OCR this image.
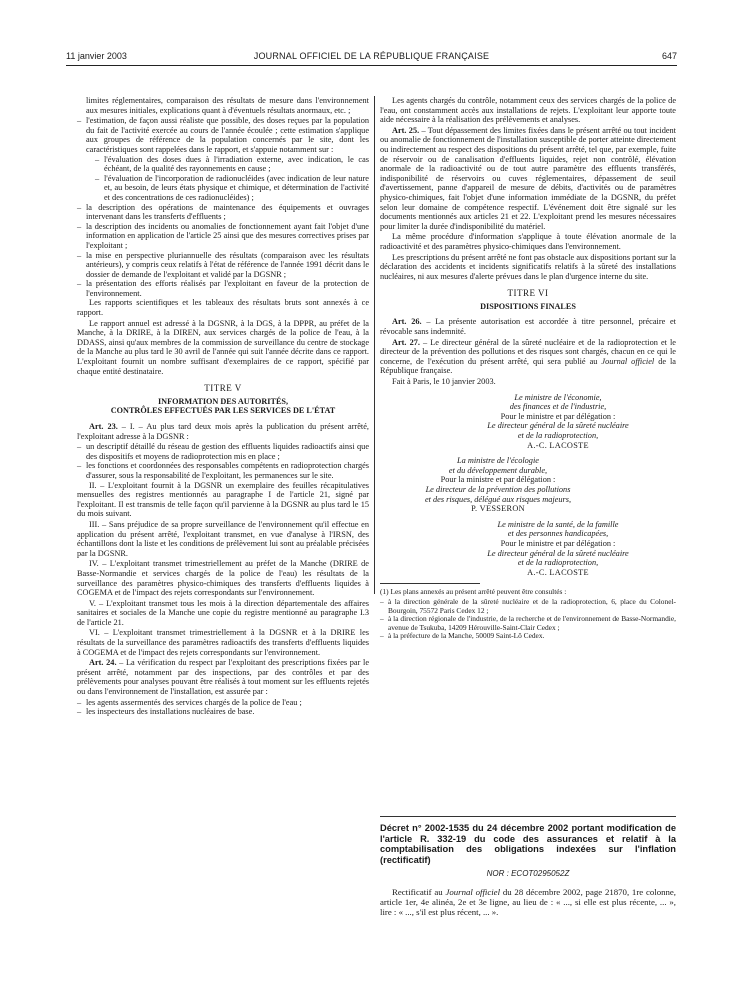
11 janvier 2003	JOURNAL OFFICIEL DE LA RÉPUBLIQUE FRANÇAISE	647

limites réglementaires, comparaison des résultats de mesure dans l'environnement aux mesures initiales, explications quant à d'éventuels résultats anormaux, etc. ;

– l'estimation, de façon aussi réaliste que possible, des doses reçues par la population du fait de l'activité exercée au cours de l'année écoulée ; cette estimation s'applique aux groupes de référence de la population concernés par le site, dont les caractéristiques sont rappelées dans le rapport, et s'appuie notamment sur :
– l'évaluation des doses dues à l'irradiation externe, avec indication, le cas échéant, de la qualité des rayonnements en cause ;
– l'évaluation de l'incorporation de radionucléides (avec indication de leur nature et, au besoin, de leurs états physique et chimique, et détermination de l'activité et des concentrations de ces radionucléides) ;
– la description des opérations de maintenance des équipements et ouvrages intervenant dans les transferts d'effluents ;
– la description des incidents ou anomalies de fonctionnement ayant fait l'objet d'une information en application de l'article 25 ainsi que des mesures correctives prises par l'exploitant ;
– la mise en perspective pluriannuelle des résultats (comparaison avec les résultats antérieurs), y compris ceux relatifs à l'état de référence de l'année 1991 décrit dans le dossier de demande de l'exploitant et validé par la DGSNR ;
– la présentation des efforts réalisés par l'exploitant en faveur de la protection de l'environnement.

Les rapports scientifiques et les tableaux des résultats bruts sont annexés à ce rapport.

Le rapport annuel est adressé à la DGSNR, à la DGS, à la DPPR, au préfet de la Manche, à la DRIRE, à la DIREN, aux services chargés de la police de l'eau, à la DDASS, ainsi qu'aux membres de la commission de surveillance du centre de stockage de la Manche au plus tard le 30 avril de l'année qui suit l'année décrite dans ce rapport. L'exploitant fournit un nombre suffisant d'exemplaires de ce rapport, spécifié par chaque entité destinataire.

TITRE V
INFORMATION DES AUTORITÉS,
CONTRÔLES EFFECTUÉS PAR LES SERVICES DE L'ÉTAT

Art. 23. – I. – Au plus tard deux mois après la publication du présent arrêté, l'exploitant adresse à la DGSNR :

– un descriptif détaillé du réseau de gestion des effluents liquides radioactifs ainsi que des dispositifs et moyens de radioprotection mis en place ;
– les fonctions et coordonnées des responsables compétents en radioprotection chargés d'assurer, sous la responsabilité de l'exploitant, les permanences sur le site.

II. – L'exploitant fournit à la DGSNR un exemplaire des feuilles récapitulatives mensuelles des registres mentionnés au paragraphe I de l'article 21, signé par l'exploitant. Il est transmis de telle façon qu'il parvienne à la DGSNR au plus tard le 15 du mois suivant.

III. – Sans préjudice de sa propre surveillance de l'environnement qu'il effectue en application du présent arrêté, l'exploitant transmet, en vue d'analyse à l'IRSN, des échantillons dont la liste et les conditions de prélèvement lui sont au préalable précisées par la DGSNR.

IV. – L'exploitant transmet trimestriellement au préfet de la Manche (DRIRE de Basse-Normandie et services chargés de la police de l'eau) les résultats de la surveillance des paramètres physico-chimiques des transferts d'effluents liquides à COGEMA et de l'impact des rejets correspondants sur l'environnement.

V. – L'exploitant transmet tous les mois à la direction départementale des affaires sanitaires et sociales de la Manche une copie du registre mentionné au paragraphe I.3 de l'article 21.

VI. – L'exploitant transmet trimestriellement à la DGSNR et à la DRIRE les résultats de la surveillance des paramètres radioactifs des transferts d'effluents liquides à COGEMA et de l'impact des rejets correspondants sur l'environnement.

Art. 24. – La vérification du respect par l'exploitant des prescriptions fixées par le présent arrêté, notamment par des inspections, par des contrôles et par des prélèvements pour analyses pouvant être réalisés à tout moment sur les effluents rejetés ou dans l'environnement de l'installation, est assurée par :

– les agents assermentés des services chargés de la police de l'eau ;
– les inspecteurs des installations nucléaires de base.

Les agents chargés du contrôle, notamment ceux des services chargés de la police de l'eau, ont constamment accès aux installations de rejets. L'exploitant leur apporte toute aide nécessaire à la réalisation des prélèvements et analyses.

Art. 25. – Tout dépassement des limites fixées dans le présent arrêté ou tout incident ou anomalie de fonctionnement de l'installation susceptible de porter atteinte directement ou indirectement au respect des dispositions du présent arrêté, tel que, par exemple, fuite de réservoir ou de canalisation d'effluents liquides, rejet non contrôlé, élévation anormale de la radioactivité ou de tout autre paramètre des effluents transférés, indisponibilité de réservoirs ou cuves réglementaires, dépassement de seuil d'avertissement, panne d'appareil de mesure de débits, d'activités ou de paramètres physico-chimiques, fait l'objet d'une information immédiate de la DGSNR, du préfet selon leur domaine de compétence respectif. L'événement doit être signalé sur les documents mentionnés aux articles 21 et 22. L'exploitant prend les mesures nécessaires pour limiter la durée d'indisponibilité du matériel.

La même procédure d'information s'applique à toute élévation anormale de la radioactivité et des paramètres physico-chimiques dans l'environnement.

Les prescriptions du présent arrêté ne font pas obstacle aux dispositions portant sur la déclaration des accidents et incidents significatifs relatifs à la sûreté des installations nucléaires, ni aux mesures d'alerte prévues dans le plan d'urgence interne du site.

TITRE VI
DISPOSITIONS FINALES

Art. 26. – La présente autorisation est accordée à titre personnel, précaire et révocable sans indemnité.

Art. 27. – Le directeur général de la sûreté nucléaire et de la radioprotection et le directeur de la prévention des pollutions et des risques sont chargés, chacun en ce qui le concerne, de l'exécution du présent arrêté, qui sera publié au Journal officiel de la République française.

Fait à Paris, le 10 janvier 2003.

Le ministre de l'économie,
des finances et de l'industrie,
Pour le ministre et par délégation :
Le directeur général de la sûreté nucléaire
et de la radioprotection,
A.-C. LACOSTE
La ministre de l'écologie
et du développement durable,
Pour la ministre et par délégation :
Le directeur de la prévention des pollutions
et des risques, délégué aux risques majeurs,
P. VESSERON
Le ministre de la santé, de la famille
et des personnes handicapées,
Pour le ministre et par délégation :
Le directeur général de la sûreté nucléaire
et de la radioprotection,
A.-C. LACOSTE

(1) Les plans annexés au présent arrêté peuvent être consultés :

– à la direction générale de la sûreté nucléaire et de la radioprotection, 6, place du Colonel-Bourgoin, 75572 Paris Cedex 12 ;
– à la direction régionale de l'industrie, de la recherche et de l'environnement de Basse-Normandie, avenue de Tsukuba, 14209 Hérouville-Saint-Clair Cedex ;
– à la préfecture de la Manche, 50009 Saint-Lô Cedex.
Décret n° 2002-1535 du 24 décembre 2002 portant modification de l'article R. 332-19 du code des assurances et relatif à la comptabilisation des obligations indexées sur l'inflation (rectificatif)
NOR : ECOT0295052Z

Rectificatif au Journal officiel du 28 décembre 2002, page 21870, 1re colonne, article 1er, 4e alinéa, 2e et 3e ligne, au lieu de : « ..., si elle est plus récente, ... », lire : « ..., s'il est plus récent, ... ».
